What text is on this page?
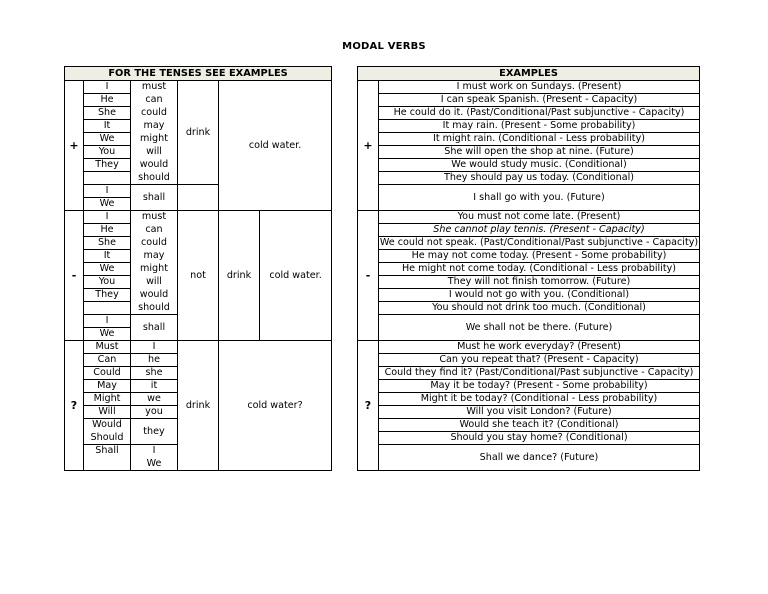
MODAL VERBS
FOR THE TENSES SEE EXAMPLES					
+	I	must	drink	cold water.	
	He	can			
	She	could			
	It	may			
	We	might			
	You	will			
	They	would			
		should			
	I	shall			
	We				
-	I	must	not	drink	cold water.
	He	can			
	She	could			
	It	may			
	We	might			
	You	will			
	They	would			
		should			
	I	shall			
	We				
?	Must	I	drink	cold water?	
	Can	he			
	Could	she			
	May	it			
	Might	we			
	Will	you			
	Would	they			
	Should				
	Shall	I			
		We			
EXAMPLES	
+	I must work on Sundays. (Present)
	I can speak Spanish. (Present - Capacity)
	He could do it. (Past/Conditional/Past subjunctive - Capacity)
	It may rain. (Present - Some probability)
	It might rain. (Conditional - Less probability)
	She will open the shop at nine. (Future)
	We would study music. (Conditional)
	They should pay us today. (Conditional)
	I shall go with you. (Future)
-	You must not come late. (Present)
	She cannot play tennis. (Present - Capacity)
	We could not speak. (Past/Conditional/Past subjunctive - Capacity)
	He may not come today. (Present - Some probability)
	He might not come today. (Conditional - Less probability)
	They will not finish tomorrow. (Future)
	I would not go with you. (Conditional)
	You should not drink too much. (Conditional)
	We shall not be there. (Future)
?	Must he work everyday? (Present)
	Can you repeat that? (Present - Capacity)
	Could they find it? (Past/Conditional/Past subjunctive - Capacity)
	May it be today? (Present - Some probability)
	Might it be today? (Conditional - Less probability)
	Will you visit London? (Future)
	Would she teach it? (Conditional)
	Should you stay home? (Conditional)
	Shall we dance? (Future)
